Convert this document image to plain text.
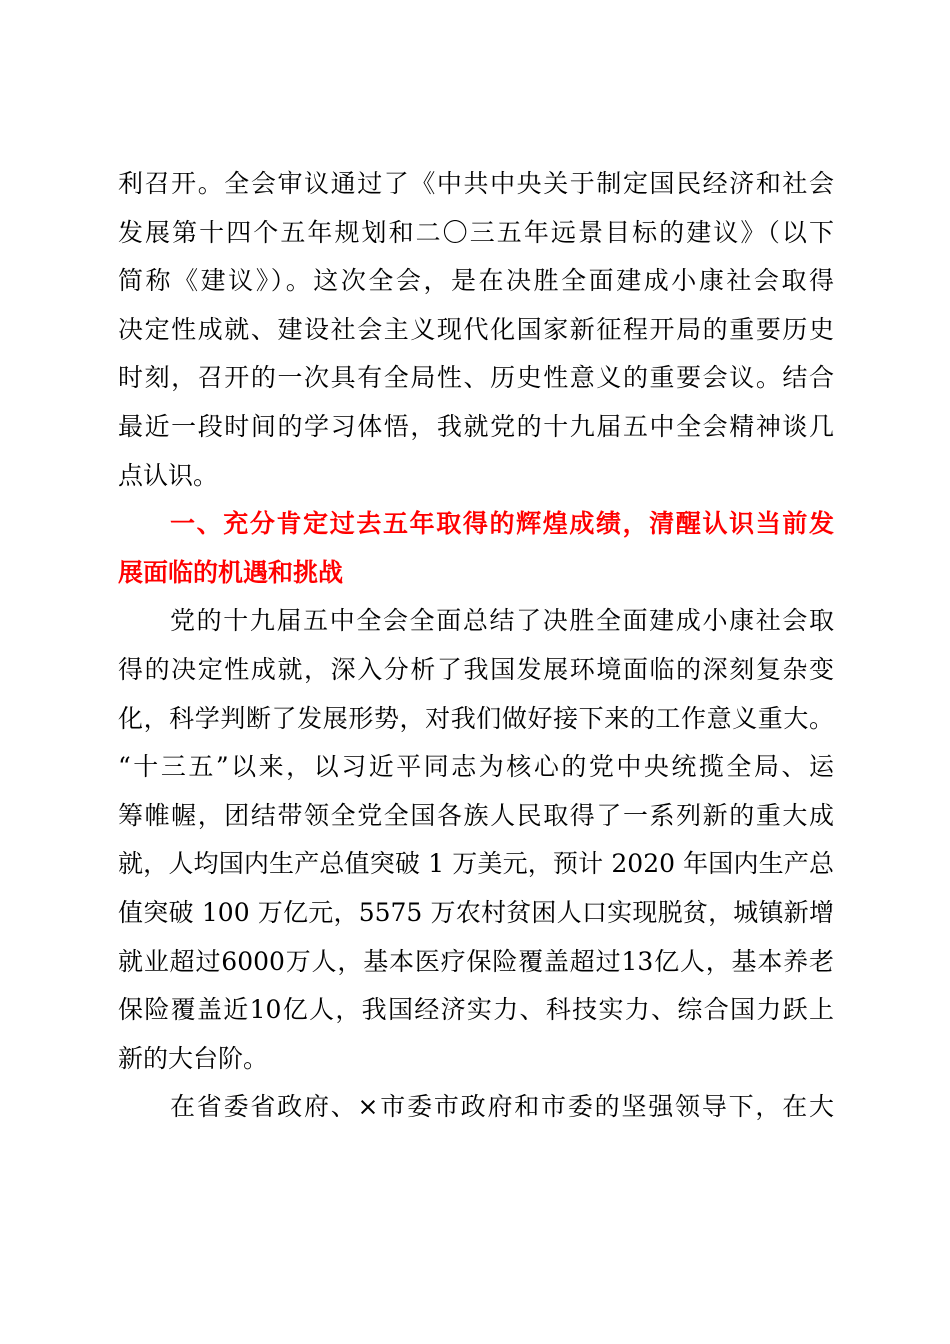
利召开。全会审议通过了《中共中央关于制定国民经济和社会
发展第十四个五年规划和二〇三五年远景目标的建议》（以下
简称《建议》）。这次全会，是在决胜全面建成小康社会取得
决定性成就、建设社会主义现代化国家新征程开局的重要历史
时刻，召开的一次具有全局性、历史性意义的重要会议。结合
最近一段时间的学习体悟，我就党的十九届五中全会精神谈几
点认识。
一、充分肯定过去五年取得的辉煌成绩，清醒认识当前发
展面临的机遇和挑战
党的十九届五中全会全面总结了决胜全面建成小康社会取
得的决定性成就，深入分析了我国发展环境面临的深刻复杂变
化，科学判断了发展形势，对我们做好接下来的工作意义重大。
“十三五”以来，以习近平同志为核心的党中央统揽全局、运
筹帷幄，团结带领全党全国各族人民取得了一系列新的重大成
就，人均国内生产总值突破 1 万美元，预计 2020 年国内生产总
值突破 100 万亿元，5575 万农村贫困人口实现脱贫，城镇新增
就业超过6000万人，基本医疗保险覆盖超过13亿人，基本养老
保险覆盖近10亿人，我国经济实力、科技实力、综合国力跃上
新的大台阶。
在省委省政府、×市委市政府和市委的坚强领导下，在大
